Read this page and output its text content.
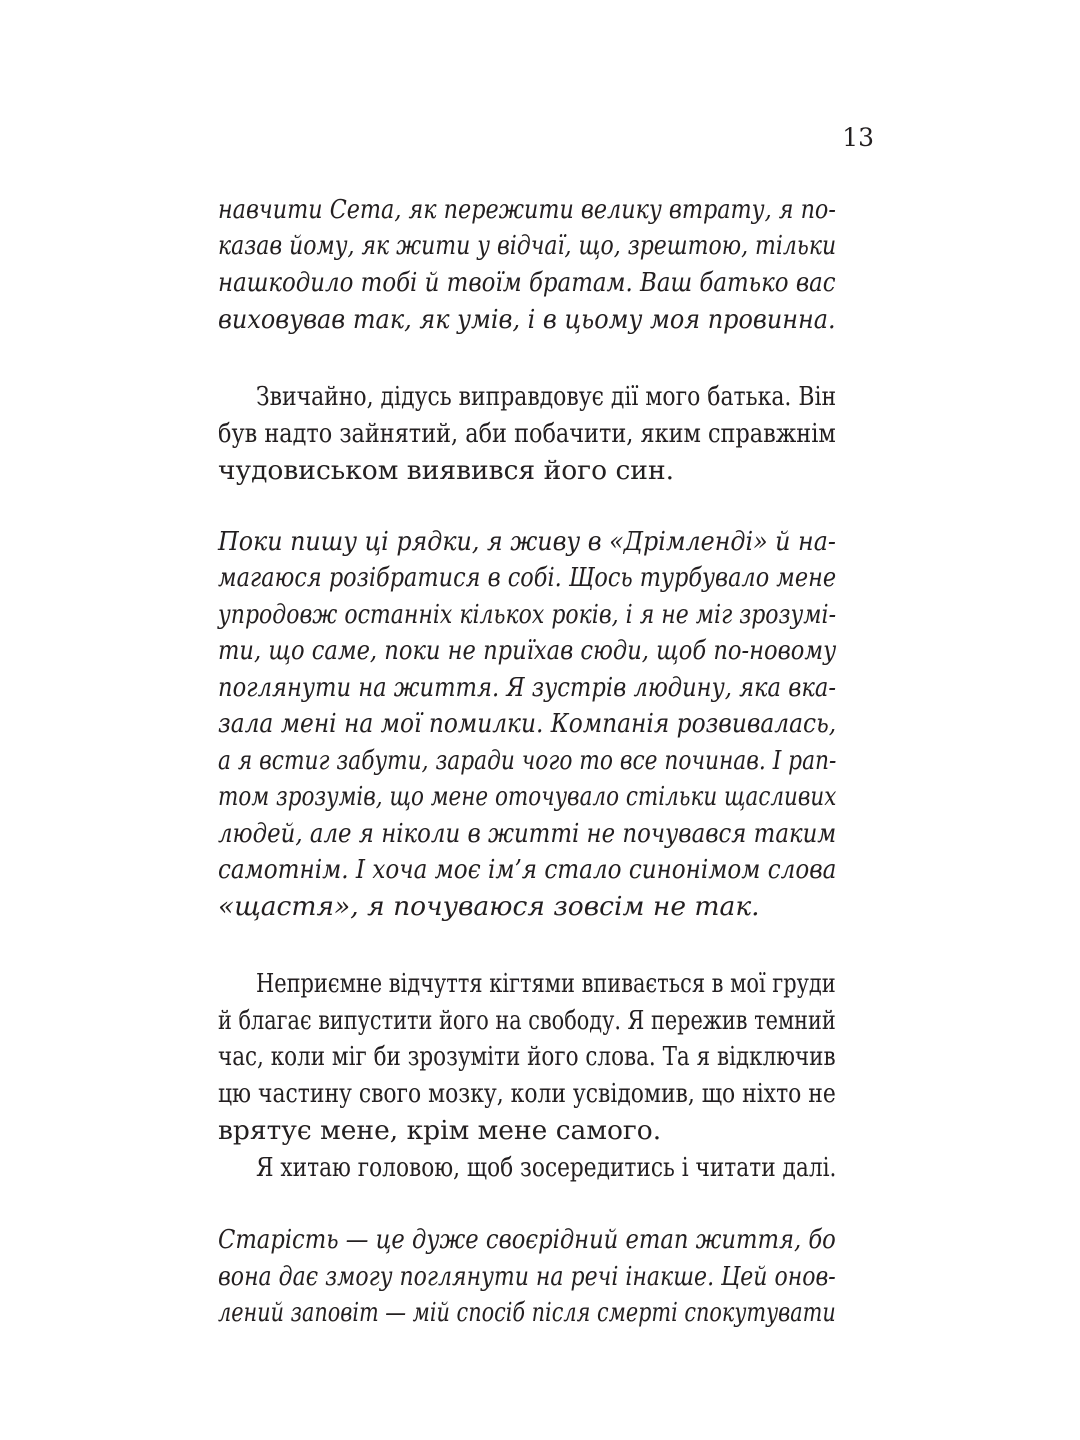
13
навчити Сета, як пережити велику втрату, я по-
казав йому, як жити у відчаї, що, зрештою, тільки
нашкодило тобі й твоїм братам. Ваш батько вас
виховував так, як умів, і в цьому моя провинна.
Звичайно, дідусь виправдовує дії мого батька. Він
був надто зайнятий, аби побачити, яким справжнім
чудовиськом виявився його син.
Поки пишу ці рядки, я живу в «Дрімленді» й на-
магаюся розібратися в собі. Щось турбувало мене
упродовж останніх кількох років, і я не міг зрозумі-
ти, що саме, поки не приїхав сюди, щоб по-новому
поглянути на життя. Я зустрів людину, яка вка-
зала мені на мої помилки. Компанія розвивалась,
а я встиг забути, заради чого то все починав. І рап-
том зрозумів, що мене оточувало стільки щасливих
людей, але я ніколи в житті не почувався таким
самотнім. І хоча моє ім’я стало синонімом слова
«щастя», я почуваюся зовсім не так.
Неприємне відчуття кігтями впивається в мої груди
й благає випустити його на свободу. Я пережив темний
час, коли міг би зрозуміти його слова. Та я відключив
цю частину свого мозку, коли усвідомив, що ніхто не
врятує мене, крім мене самого.
Я хитаю головою, щоб зосередитись і читати далі.
Старість — це дуже своєрідний етап життя, бо
вона дає змогу поглянути на речі інакше. Цей онов-
лений заповіт — мій спосіб після смерті спокутувати
